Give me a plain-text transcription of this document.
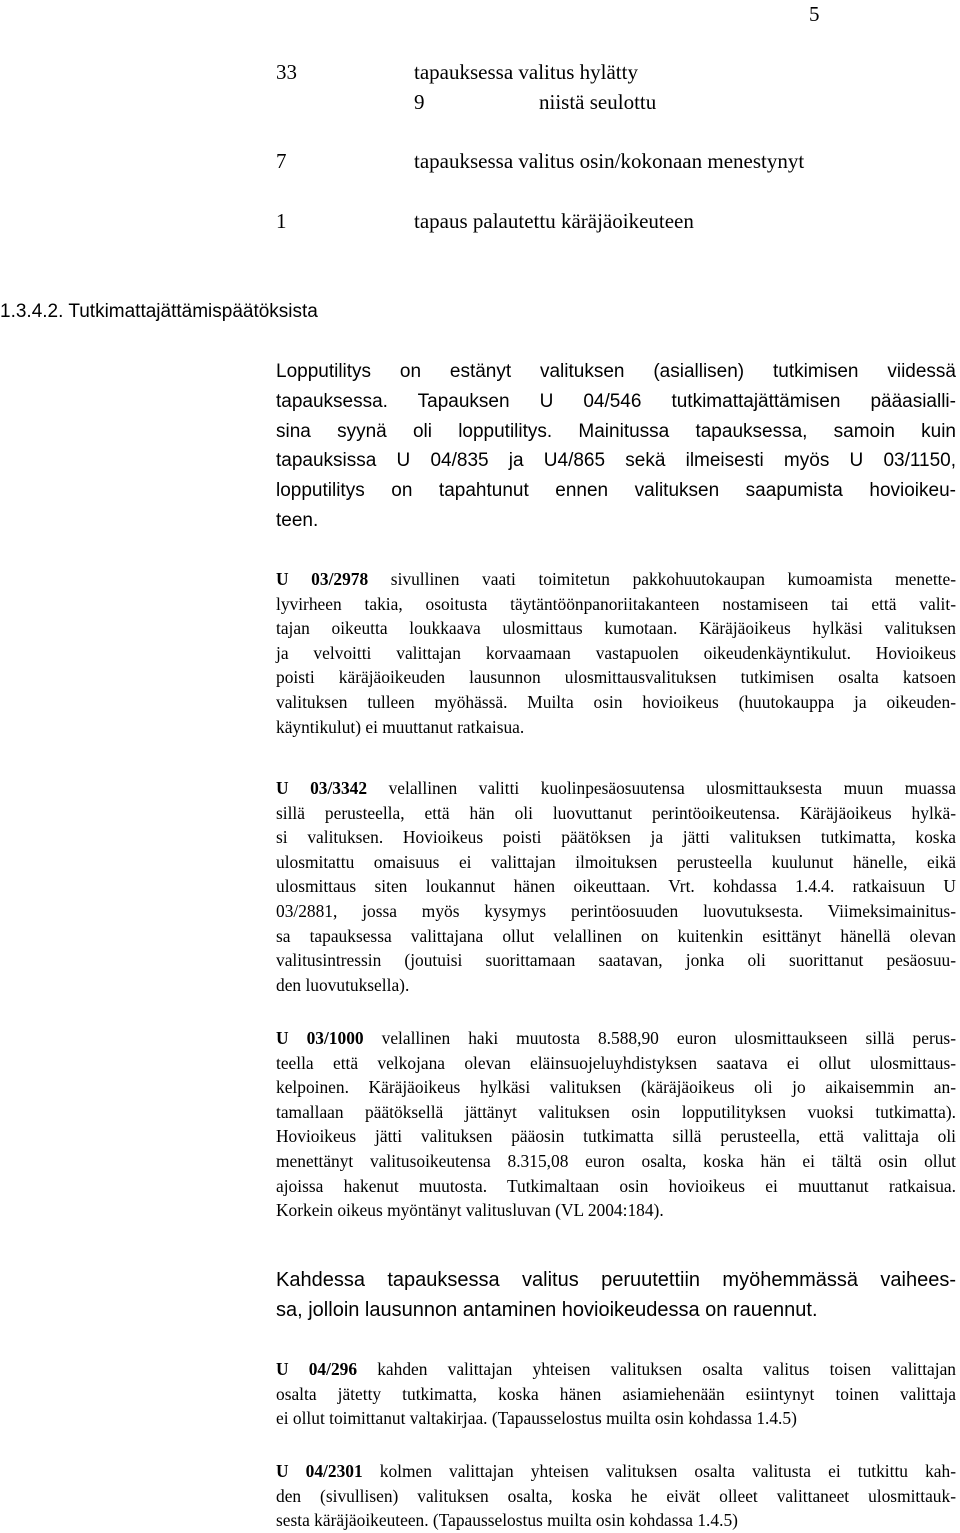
5
33	tapauksessa valitus hylätty
9	niistä seulottu
7	tapauksessa valitus osin/kokonaan menestynyt
1	tapaus palautettu käräjäoikeuteen
1.3.4.2. Tutkimattajättämispäätöksista
Lopputilitys on estänyt valituksen (asiallisen) tutkimisen viidessä
tapauksessa. Tapauksen U 04/546 tutkimattajättämisen pääasialli-
sina syynä oli lopputilitys. Mainitussa tapauksessa, samoin kuin
tapauksissa U 04/835 ja U4/865 sekä ilmeisesti myös U 03/1150,
lopputilitys on tapahtunut ennen valituksen saapumista hovioikeu-
teen.
U 03/2978 sivullinen vaati toimitetun pakkohuutokaupan kumoamista menette-
lyvirheen takia, osoitusta täytäntöönpanoriitakanteen nostamiseen tai että valit-
tajan oikeutta loukkaava ulosmittaus kumotaan. Käräjäoikeus hylkäsi valituksen
ja velvoitti valittajan korvaamaan vastapuolen oikeudenkäyntikulut. Hovioikeus
poisti käräjäoikeuden lausunnon ulosmittausvalituksen tutkimisen osalta katsoen
valituksen tulleen myöhässä. Muilta osin hovioikeus (huutokauppa ja oikeuden-
käyntikulut) ei muuttanut ratkaisua.
U 03/3342 velallinen valitti kuolinpesäosuutensa ulosmittauksesta muun muassa
sillä perusteella, että hän oli luovuttanut perintöoikeutensa. Käräjäoikeus hylkä-
si valituksen. Hovioikeus poisti päätöksen ja jätti valituksen tutkimatta, koska
ulosmitattu omaisuus ei valittajan ilmoituksen perusteella kuulunut hänelle, eikä
ulosmittaus siten loukannut hänen oikeuttaan. Vrt. kohdassa 1.4.4. ratkaisuun U
03/2881, jossa myös kysymys perintöosuuden luovutuksesta. Viimeksimainitus-
sa tapauksessa valittajana ollut velallinen on kuitenkin esittänyt hänellä olevan
valitusintressin (joutuisi suorittamaan saatavan, jonka oli suorittanut pesäosuu-
den luovutuksella).
U 03/1000 velallinen haki muutosta 8.588,90 euron ulosmittaukseen sillä perus-
teella että velkojana olevan eläinsuojeluyhdistyksen saatava ei ollut ulosmittaus-
kelpoinen. Käräjäoikeus hylkäsi valituksen (käräjäoikeus oli jo aikaisemmin an-
tamallaan päätöksellä jättänyt valituksen osin lopputilityksen vuoksi tutkimatta).
Hovioikeus jätti valituksen pääosin tutkimatta sillä perusteella, että valittaja oli
menettänyt valitusoikeutensa 8.315,08 euron osalta, koska hän ei tältä osin ollut
ajoissa hakenut muutosta. Tutkimaltaan osin hovioikeus ei muuttanut ratkaisua.
Korkein oikeus myöntänyt valitusluvan (VL 2004:184).
Kahdessa tapauksessa valitus peruutettiin myöhemmässä vaihees-
sa, jolloin lausunnon antaminen hovioikeudessa on rauennut.
U 04/296 kahden valittajan yhteisen valituksen osalta valitus toisen valittajan
osalta jätetty tutkimatta, koska hänen asiamiehenään esiintynyt toinen valittaja
ei ollut toimittanut valtakirjaa. (Tapausselostus muilta osin kohdassa 1.4.5)
U 04/2301 kolmen valittajan yhteisen valituksen osalta valitusta ei tutkittu kah-
den (sivullisen) valituksen osalta, koska he eivät olleet valittaneet ulosmittauk-
sesta käräjäoikeuteen. (Tapausselostus muilta osin kohdassa 1.4.5)
